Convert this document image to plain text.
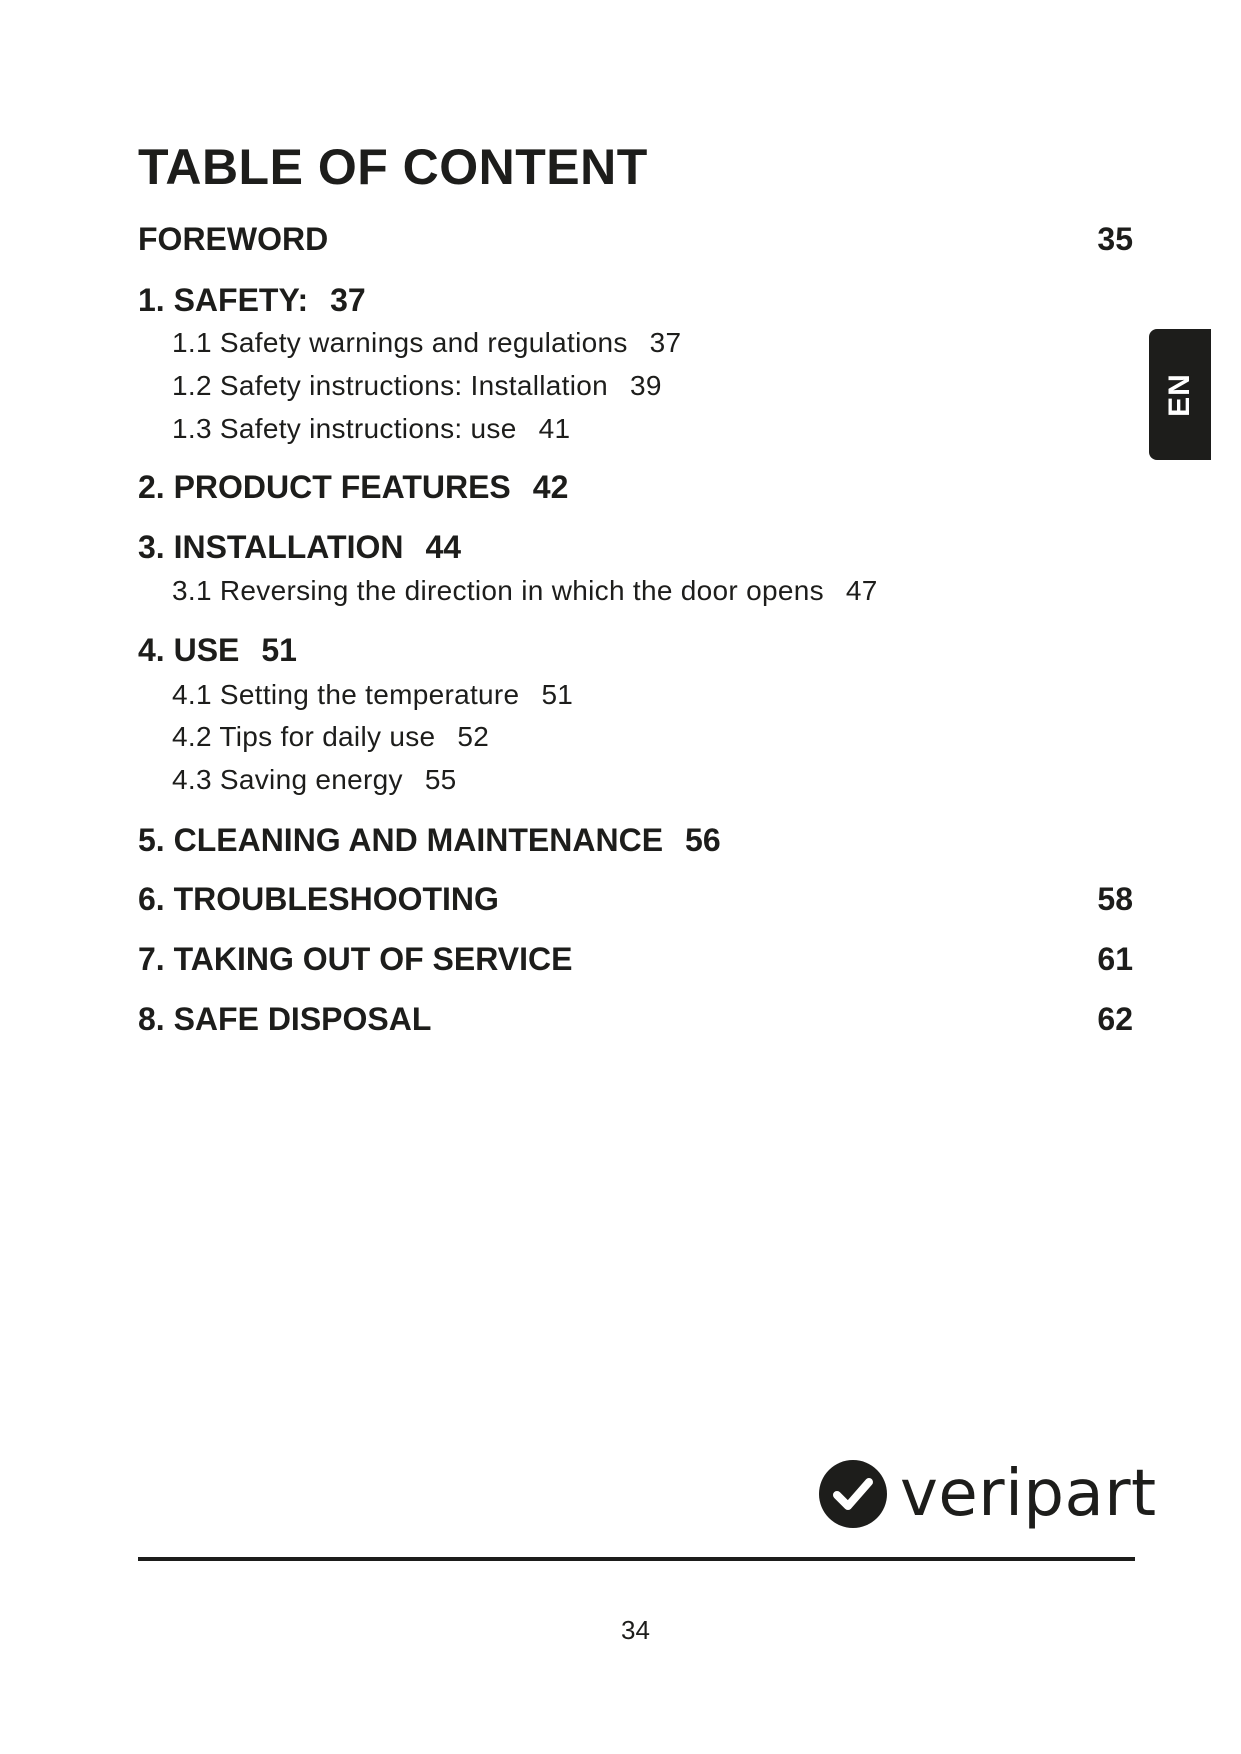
TABLE OF CONTENT
FOREWORD	35
1. SAFETY: 37
1.1 Safety warnings and regulations 37
1.2 Safety instructions: Installation 39
1.3 Safety instructions: use 41
2. PRODUCT FEATURES 42
3. INSTALLATION 44
3.1 Reversing the direction in which the door opens 47
4. USE 51
4.1 Setting the temperature 51
4.2 Tips for daily use 52
4.3 Saving energy 55
5. CLEANING AND MAINTENANCE 56
6. TROUBLESHOOTING	58
7. TAKING OUT OF SERVICE	61
8. SAFE DISPOSAL	62
EN
veripart
34
